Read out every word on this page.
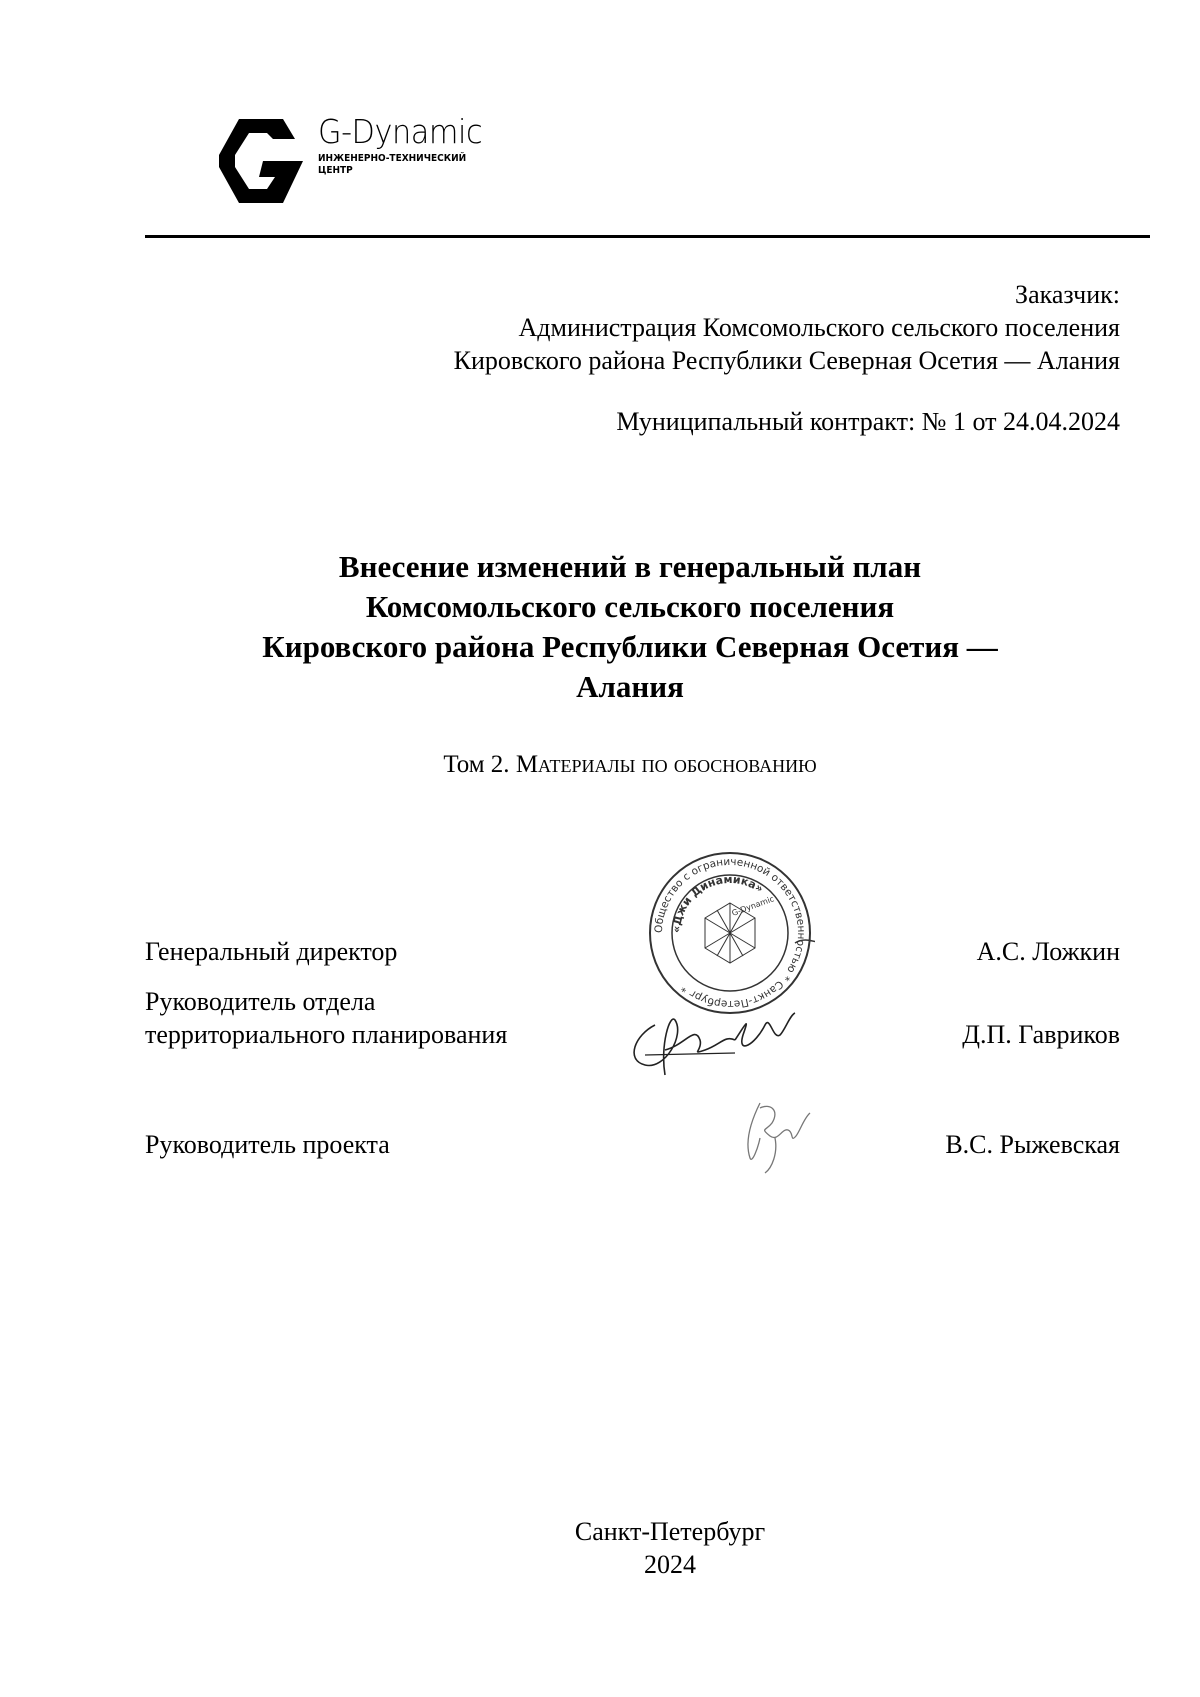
G-Dynamic
ИНЖЕНЕРНО-ТЕХНИЧЕСКИЙ
ЦЕНТР
Заказчик:
Администрация Комсомольского сельского поселения
Кировского района Республики Северная Осетия — Алания
Муниципальный контракт: № 1 от 24.04.2024
Внесение изменений в генеральный план
Комсомольского сельского поселения
Кировского района Республики Северная Осетия —
Алания
Том 2. Материалы по обоснованию
Генеральный директор	А.С. Ложкин
Руководитель отдела территориального планирования	Д.П. Гавриков
Руководитель проекта	В.С. Рыжевская
Общество с ограниченной ответственностью * Санкт-Петербург *
«Джи Динамика»
G-Dynamic
Санкт-Петербург
2024
